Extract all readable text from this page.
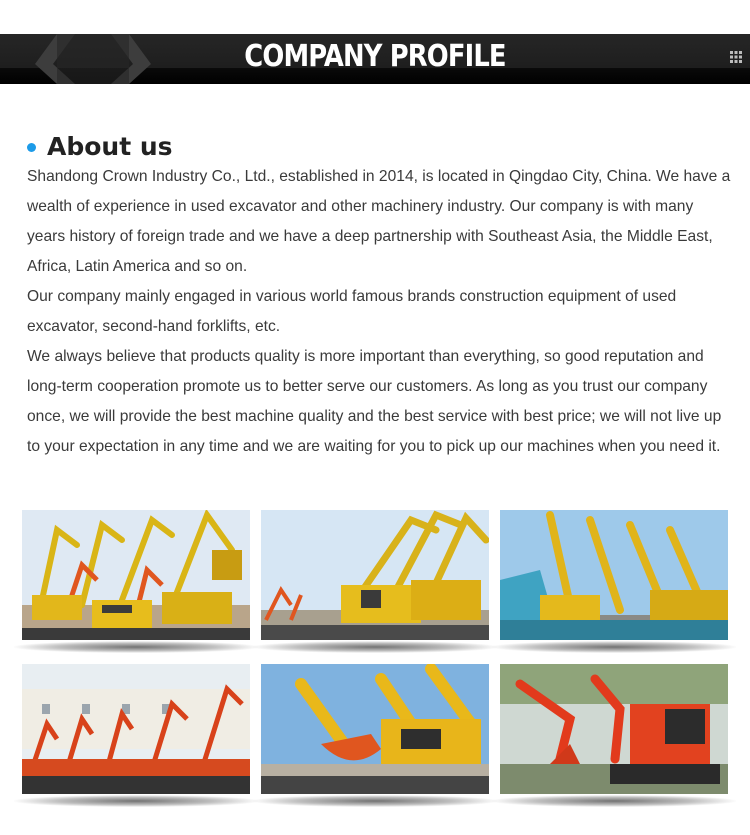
COMPANY PROFILE
About us

Shandong Crown Industry Co., Ltd., established in 2014, is located in Qingdao City, China. We have a wealth of experience in used excavator and other machinery industry. Our company is with many years history of foreign trade and we have a deep partnership with Southeast Asia, the Middle East, Africa, Latin America and so on.

Our company mainly engaged in various world famous brands construction equipment of used excavator, second-hand forklifts, etc.

We always believe that products quality is more important than everything, so good reputation and long-term cooperation promote us to better serve our customers. As long as you trust our company once, we will provide the best machine quality and the best service with best price; we will not live up to your expectation in any time and we are waiting for you to pick up our machines when you need it.
